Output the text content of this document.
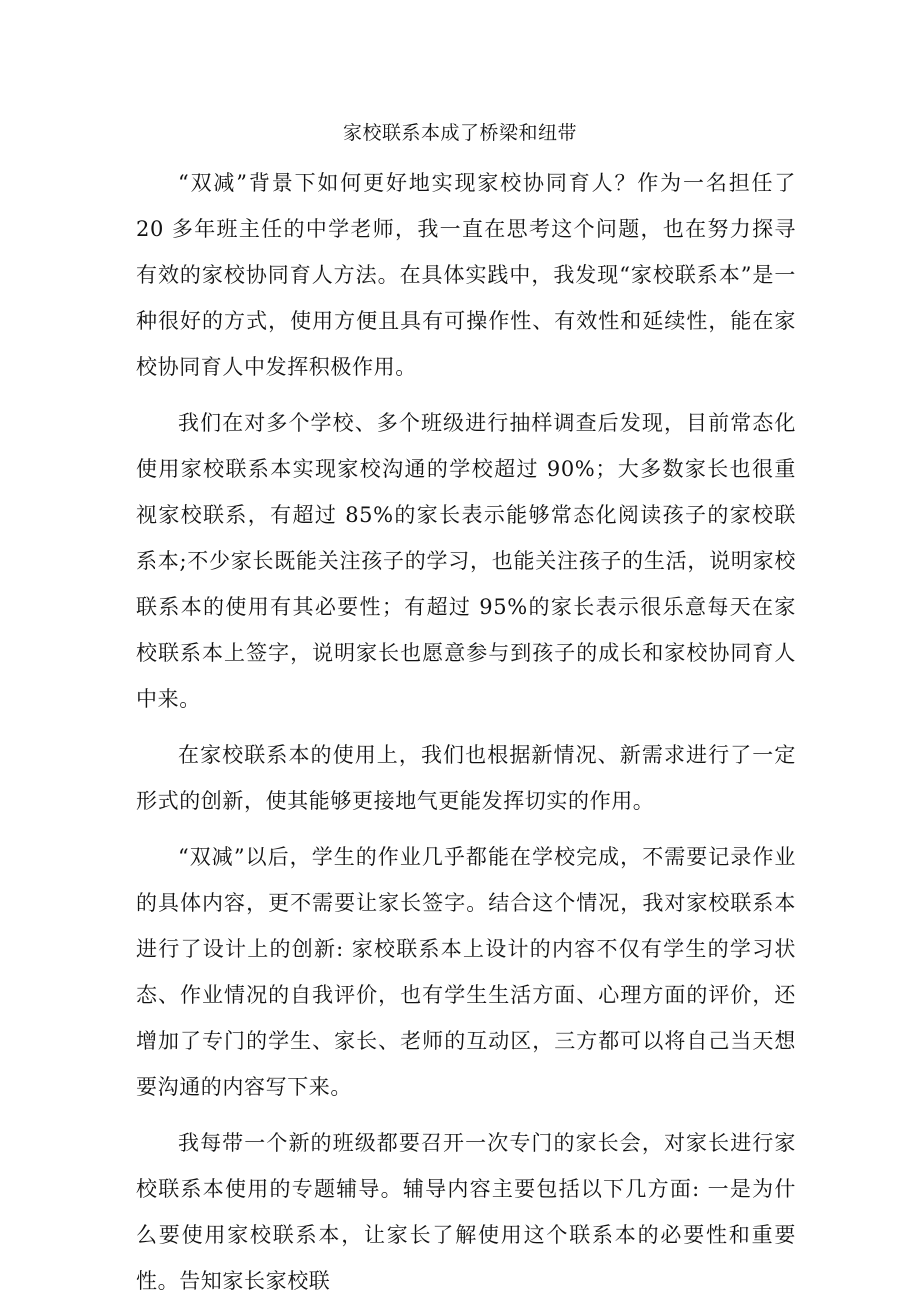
家校联系本成了桥梁和纽带

“双减”背景下如何更好地实现家校协同育人？作为一名担任了 20 多年班主任的中学老师，我一直在思考这个问题，也在努力探寻有效的家校协同育人方法。在具体实践中，我发现“家校联系本”是一种很好的方式，使用方便且具有可操作性、有效性和延续性，能在家校协同育人中发挥积极作用。

我们在对多个学校、多个班级进行抽样调查后发现，目前常态化使用家校联系本实现家校沟通的学校超过 90%；大多数家长也很重视家校联系，有超过 85%的家长表示能够常态化阅读孩子的家校联系本;不少家长既能关注孩子的学习，也能关注孩子的生活，说明家校联系本的使用有其必要性；有超过 95%的家长表示很乐意每天在家校联系本上签字，说明家长也愿意参与到孩子的成长和家校协同育人中来。

在家校联系本的使用上，我们也根据新情况、新需求进行了一定形式的创新，使其能够更接地气更能发挥切实的作用。

“双减”以后，学生的作业几乎都能在学校完成，不需要记录作业的具体内容，更不需要让家长签字。结合这个情况，我对家校联系本进行了设计上的创新: 家校联系本上设计的内容不仅有学生的学习状态、作业情况的自我评价，也有学生生活方面、心理方面的评价，还增加了专门的学生、家长、老师的互动区，三方都可以将自己当天想要沟通的内容写下来。

我每带一个新的班级都要召开一次专门的家长会，对家长进行家校联系本使用的专题辅导。辅导内容主要包括以下几方面: 一是为什么要使用家校联系本，让家长了解使用这个联系本的必要性和重要性。告知家长家校联
